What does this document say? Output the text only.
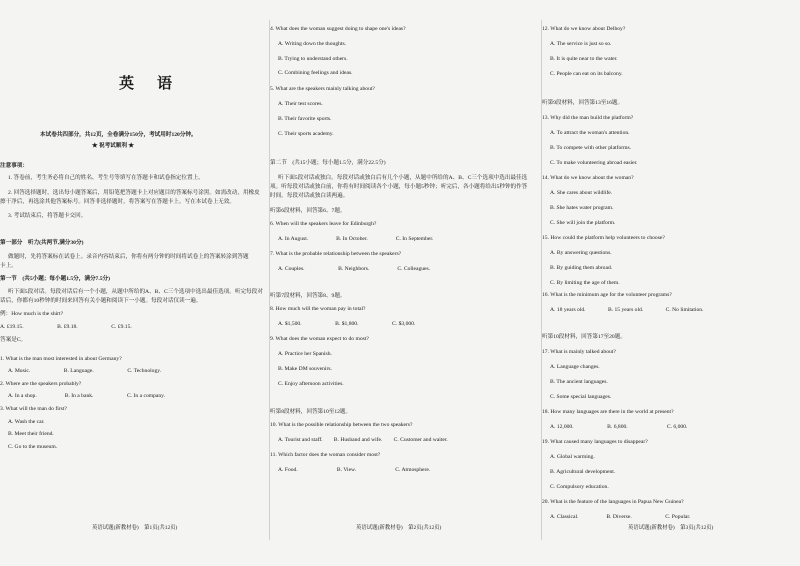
英　语
本试卷共四部分，共12页，全卷满分150分，考试用时120分钟。
★ 祝考试顺利 ★
注意事项：
1. 答卷前，考生务必将自己的姓名、考生号等填写在答题卡和试卷指定位置上。
2. 回答选择题时，选出每小题答案后，用铅笔把答题卡上对应题目的答案标号涂黑。如需改动，用橡皮
擦干净后，再选涂其他答案标号。回答非选择题时，将答案写在答题卡上。写在本试卷上无效。
3. 考试结束后，将答题卡交回。
第一部分　听力(共两节,满分30分)
做题时，先将答案标在试卷上。录音内容结束后，你将有两分钟的时间将试卷上的答案转涂到答题
卡上。
第一节　(共5小题；每小题1.5分，满分7.5分)
听下面5段对话。每段对话后有一个小题，从题中所给的A、B、C三个选项中选出最佳选项。听完每段对
话后，你都有10秒钟的时间来回答有关小题和阅读下一小题。每段对话仅读一遍。
例：How much is the shirt?
A. £19.15.　　　　　　B. £9.18.　　　　　　C. £9.15.
答案是C。
1. What is the man most interested in about Germany?
A. Music.　　　　　　B. Language.　　　　　　C. Technology.
2. Where are the speakers probably?
A. In a shop.　　　　　B. In a bank.　　　　　　C. In a company.
3. What will the man do first?
A. Wash the car.
B. Meet their friend.
C. Go to the museum.
4. What does the woman suggest doing to shape one's ideas?
A. Writing down the thoughts.
B. Trying to understand others.
C. Combining feelings and ideas.
5. What are the speakers mainly talking about?
A. Their test scores.
B. Their favorite sports.
C. Their sports academy.
第二节　(共15小题；每小题1.5分，满分22.5分)
听下面5段对话或独白。每段对话或独白后有几个小题，从题中所给的A、B、C三个选项中选出最佳选
项。听每段对话或独白前，你将有时间阅读各个小题，每小题5秒钟；听完后，各小题将给出5秒钟的作答
时间。每段对话或独白读两遍。
听第6段材料，回答第6、7题。
6. When will the speakers leave for Edinburgh?
A. In August.　　　　　B. In October.　　　　　C. In September.
7. What is the probable relationship between the speakers?
A. Couples.　　　　　　B. Neighbors.　　　　　C. Colleagues.
听第7段材料，回答第8、9题。
8. How much will the woman pay in total?
A. $1,500.　　　　　　B. $1,800.　　　　　　C. $3,000.
9. What does the woman expect to do most?
A. Practice her Spanish.
B. Make DM souvenirs.
C. Enjoy afternoon activities.
听第8段材料，回答第10至12题。
10. What is the possible relationship between the two speakers?
A. Tourist and staff.　　B. Husband and wife.　　C. Customer and waiter.
11. Which factor does the woman consider most?
A. Food.　　　　　　　B. View.　　　　　　　C. Atmosphere.
12. What do we know about Delboy?
A. The service is just so so.
B. It is quite near to the water.
C. People can eat on its balcony.
听第9段材料，回答第13至16题。
13. Why did the man build the platform?
A. To attract the woman's attention.
B. To compete with other platforms.
C. To make volunteering abroad easier.
14. What do we know about the woman?
A. She cares about wildlife.
B. She hates water program.
C. She will join the platform.
15. How could the platform help volunteers to choose?
A. By answering questions.
B. By guiding them abroad.
C. By limiting the age of them.
16. What is the minimum age for the volunteer programs?
A. 18 years old.　　　　B. 15 years old.　　　　C. No limitation.
听第10段材料，回答第17至20题。
17. What is mainly talked about?
A. Language changes.
B. The ancient languages.
C. Some special languages.
18. How many languages are there in the world at present?
A. 12,000.　　　　　　B. 6,800.　　　　　　　C. 6,000.
19. What caused many languages to disappear?
A. Global warming.
B. Agricultural development.
C. Compulsory education.
20. What is the feature of the languages in Papua New Guinea?
A. Classical.　　　　　B. Diverse.　　　　　　C. Popular.
英语试题(新教材卷)　第1页(共12页)	英语试题(新教材卷)　第2页(共12页)	英语试题(新教材卷)　第3页(共12页)
